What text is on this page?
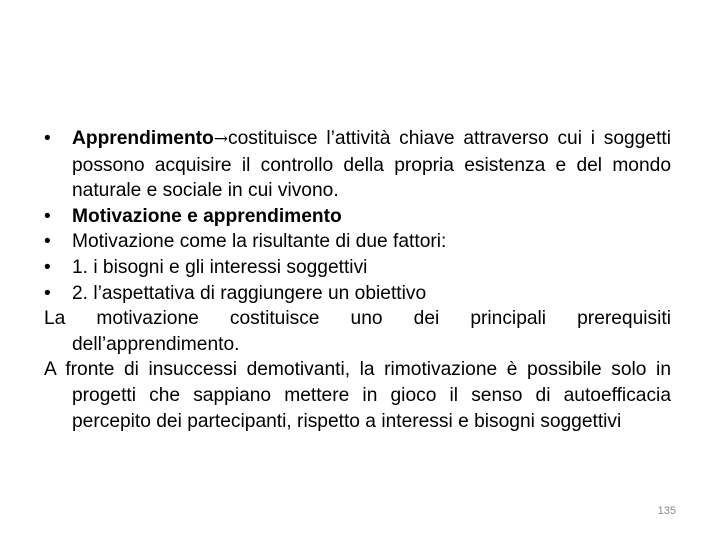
• Apprendimento→costituisce l’attività chiave attraverso cui i soggetti possono acquisire il controllo della propria esistenza e del mondo naturale e sociale in cui vivono.

• Motivazione e apprendimento

• Motivazione come la risultante di due fattori:

• 1. i bisogni e gli interessi soggettivi

• 2. l’aspettativa di raggiungere un obiettivo

La motivazione costituisce uno dei principali prerequisiti dell’apprendimento.

A fronte di insuccessi demotivanti, la rimotivazione è possibile solo in progetti che sappiano mettere in gioco il senso di autoefficacia percepito dei partecipanti, rispetto a interessi e bisogni soggettivi

135
